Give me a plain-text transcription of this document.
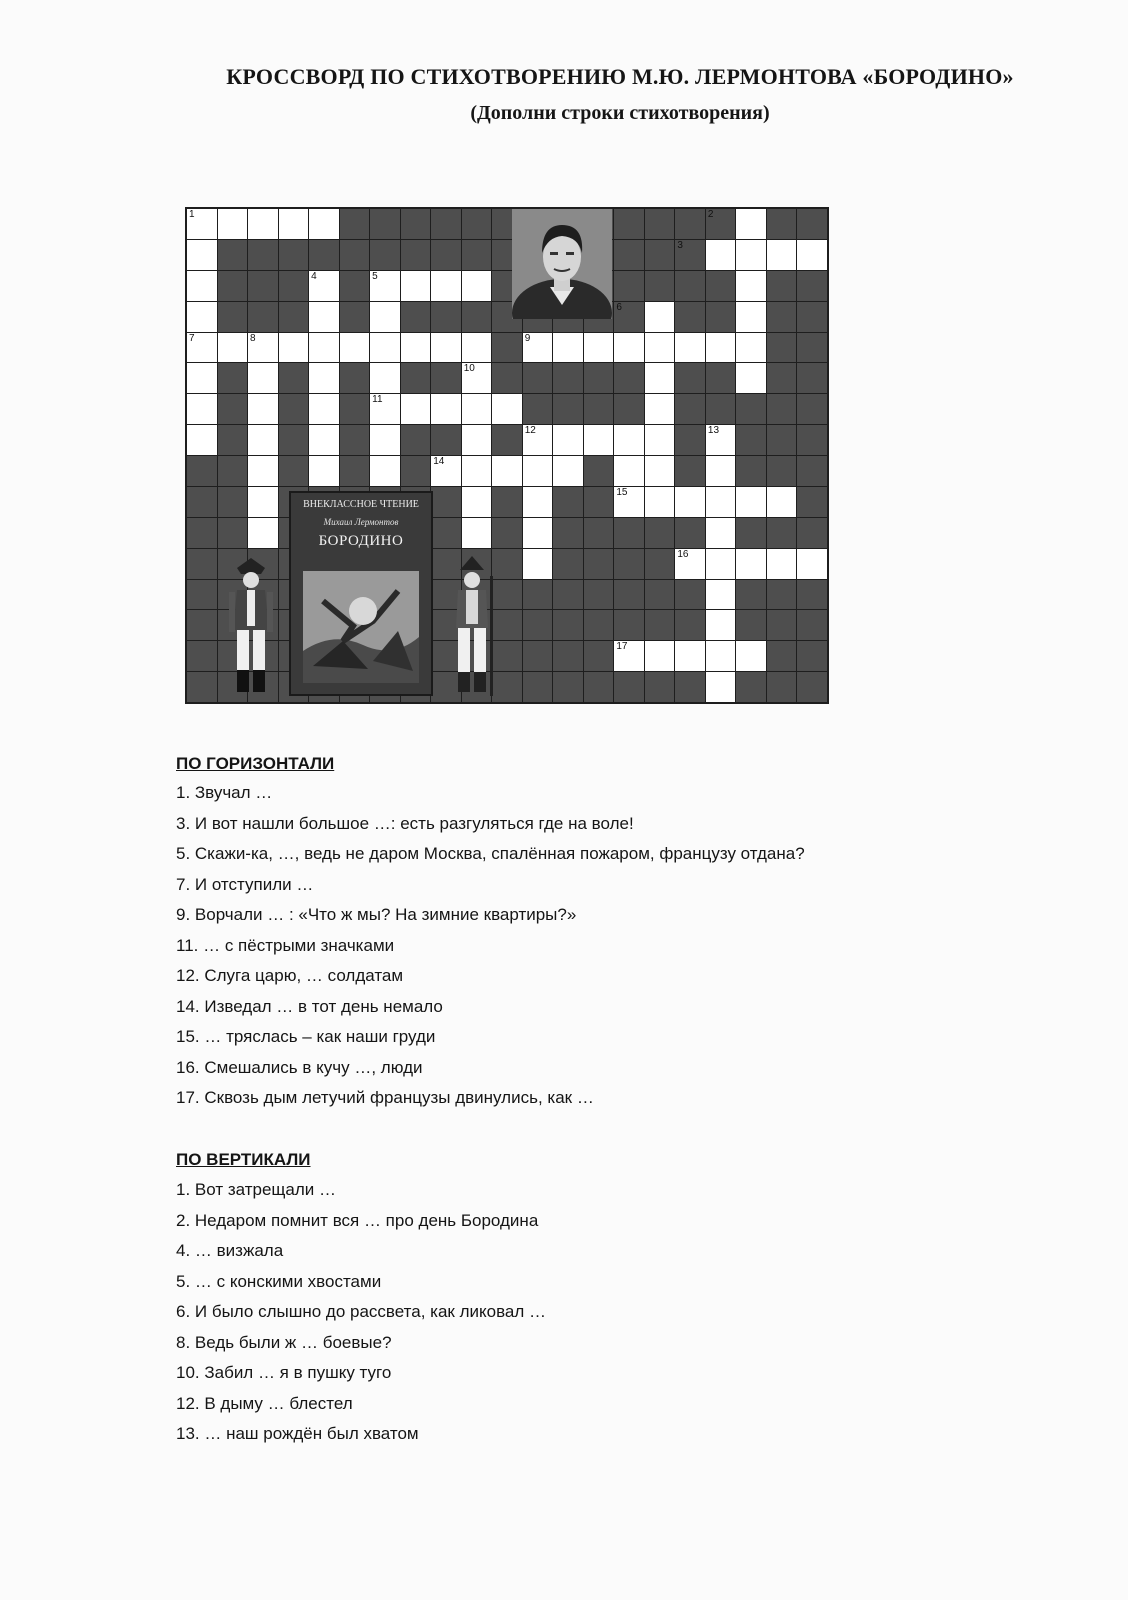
КРОССВОРД ПО СТИХОТВОРЕНИЮ М.Ю. ЛЕРМОНТОВА «БОРОДИНО»
(Дополни строки стихотворения)
1	2
3
4	5
6
7	8	9
10
11
12	13
14
15
16
17
ВНЕКЛАССНОЕ ЧТЕНИЕ
Михаил Лермонтов
БОРОДИНО
ПО ГОРИЗОНТАЛИ
1. Звучал …
3. И вот нашли большое …: есть разгуляться где на воле!
5. Скажи-ка, …, ведь не даром Москва, спалённая пожаром, французу отдана?
7. И отступили …
9. Ворчали … : «Что ж мы? На зимние квартиры?»
11. … с пёстрыми значками
12. Слуга царю, … солдатам
14. Изведал … в тот день немало
15. … тряслась – как наши груди
16. Смешались в кучу …, люди
17. Сквозь дым летучий французы двинулись, как …
ПО ВЕРТИКАЛИ
1. Вот затрещали …
2. Недаром помнит вся … про день Бородина
4. … визжала
5. … с конскими хвостами
6. И было слышно до рассвета, как ликовал …
8. Ведь были ж … боевые?
10. Забил … я в пушку туго
12. В дыму … блестел
13. … наш рождён был хватом
